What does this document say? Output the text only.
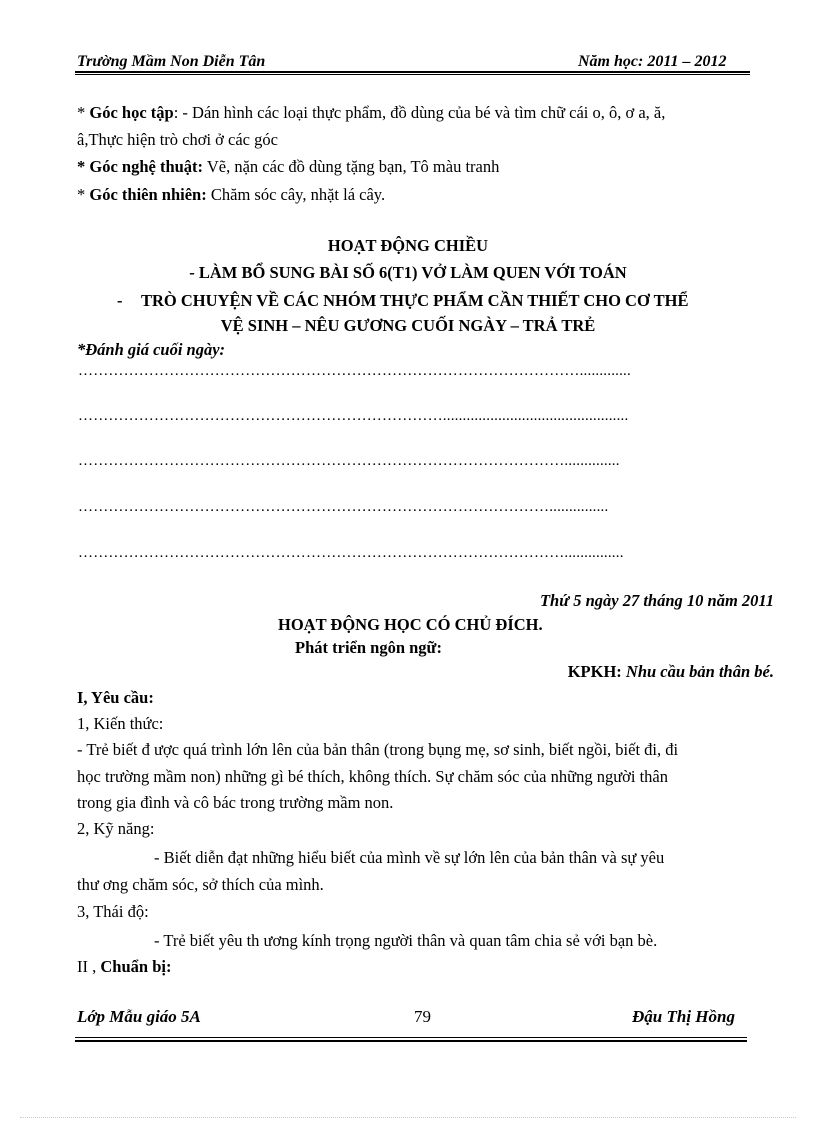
Trường Mầm Non Diễn Tân	Năm học: 2011 – 2012
* Góc học tập: - Dán hình các loại thực phẩm, đồ dùng của bé và tìm chữ cái o, ô, ơ a, ă,
â,Thực hiện trò chơi ở các góc
* Góc nghệ thuật: Vẽ, nặn các đồ dùng tặng bạn, Tô màu tranh
* Góc thiên nhiên: Chăm sóc cây, nhặt lá cây.
HOẠT ĐỘNG CHIỀU
- LÀM BỔ SUNG BÀI SỐ 6(T1) VỞ LÀM QUEN VỚI TOÁN
- TRÒ CHUYỆN VỀ CÁC NHÓM THỰC PHẨM CẦN THIẾT CHO CƠ THỂ
VỆ SINH – NÊU GƯƠNG CUỐI NGÀY – TRẢ TRẺ
*Đánh giá cuối ngày:
……………………………………………………………………………………….............
………………………………………………………………...............................................
……………………………………………………………………………………..............
…………………………………………………………………………………...............
……………………………………………………………………………………...............
Thứ 5 ngày 27 tháng 10 năm 2011
HOẠT ĐỘNG HỌC CÓ CHỦ ĐÍCH.
Phát triển ngôn ngữ:
KPKH: Nhu cầu bản thân bé.
I, Yêu cầu:
1, Kiến thức:
- Trẻ biết đ ược quá trình lớn lên của bản thân (trong bụng mẹ, sơ sinh, biết ngồi, biết đi, đi
học trường mầm non) những gì bé thích, không thích. Sự chăm sóc của những người thân
trong gia đình và cô bác trong trường mầm non.
2, Kỹ năng:
- Biết diễn đạt những hiểu biết của mình về sự lớn lên của bản thân và sự yêu
thư ơng chăm sóc, sở thích của mình.
3, Thái độ:
- Trẻ biết yêu th ương kính trọng người thân và quan tâm chia sẻ với bạn bè.
II , Chuẩn bị:
Lớp Mẫu giáo 5A	79	Đậu Thị Hồng
